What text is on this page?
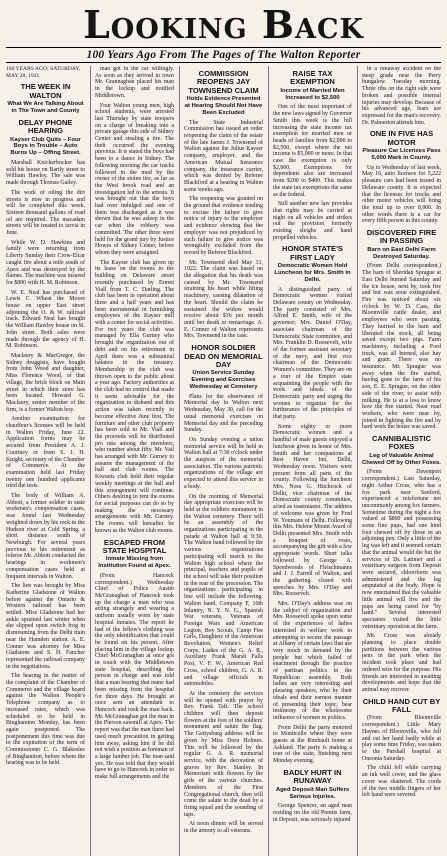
Looking Back
100 Years Ago From The Pages of The Walton Reporter
100 YEARS AGO; SATURDAY, MAY 28, 1921
THE WEEK IN WALTON
What We Are Talking About in The Town and County
DELAY PHONE HEARING
Kayser Club Quits – Four Boys in Trouble – Auto Burns Up – Offing Street.

Marshall Knickerbocker has sold his house on Bartly street to William Hawley. The sale was made through Thomas Gailey.

The work of oiling the dirt streets is now in progress and will be completed this week. Sixteen thousand gallons of road oil are required. The macadam streets will be treated to tarvia in June.

While W. D. Hawkins and family were returning from Liberty Sunday their Crow-Elcar caught fire about a mile south of Apex and was destroyed by the flames. The machine was insured for $800 with H. M. Robinson.

W. E. Neal has purchased of Lewis C. Wheat the Moore house on upper East street adjoining the O. & W. railroad track. Edward Neal has bought the William Hawley house on St. John street. Both sales were made through the agency of H. M. Robinson.

Maclaury & MacGregor, the Sidney druggists, have bought from John Wood and daughter, Miss Florence Wood, of that village, the brick block on Main street in which their store has been located. Howard G. Maclaury, senior member of the firm, is a former Walton boy.

Another examination for chauffeur's licenses will be held in Walton Friday, June 22. Application forms may be secured from President A. J. Courtney or from S. J. H. Knight, secretary of the Chamber of Commerce. At the examination held last Friday twenty one hundred applicants tried the tests.

The body of William A. Abbott, a former soldier in state workmen's compensation cases, was found last Wednesday weighted down by his rock in the Hudson river at Cold Spring, a short distance south of Newburgh. For several years previous to his retirement as referee Mr. Abbott conducted the hearings in workmen's compensation cases held at frequent intervals in Walton.

The lien was brought by Miss Katherine Gladstone of Walton before against the Ontario & Western railroad has been settled. Miss Gladstone had her ankle sprained last winter when she slipped upon switch frog in dismounting from the Delhi train near the Hamden station. A. E. Conner was attorney for Miss Gladstone and S. H. Fancher represented the railroad company in the negotiations.

The hearing in the matter of the complaint of the Chamber of Commerce and the village board against the Walton People's Telephone company as to increased rates, which was scheduled to be held in Binghamton Monday, has been again postponed. The postponement this time was due to the expiration of the term of Commissioner C. G. Blakeslee of Binghamton, before whom the hearing was to be held.

man got in the car willingly. As soon as they arrived in town Mr. Grannaghan placed his man in the lockup and notified Middletown.

Four Walton young men, high school students, were arrested last Thursday by state troopers on a charge of breaking into a private garage this side of Sidney Center and stealing a tire. The theft occurred the evening previous. It is stated the boys had been to a dance in Sidney. The following morning the car tracks followed in the mud by the owner of the stolen tire, as far as the West brook road and an investigation led to the arrests. It was brought out that the boys had over indulged and one of them was discharged as it was shown that he was asleep in the car when the robbery was committed. The other three were held for the grand jury by Justice Howes of Sidney Center, before whom they were arraigned.

The Kayser club has given up its lease on the rooms in the building on Delaware street recently purchased by Ernest Viall from T. C. Darling. The club has been in operation about three and a half years and has been instrumental in furnishing employees of the Kayser mill with a center for social activities. For two years the club was managed by Ella Gurney who brought the organization out of debt and on his retirement in April there was a substantial balance in the treasury. Membership in the club was thrown open to the public about a year ago. Factory authorities at the club had no control that made it seem advisable for the organization to disband and this action was taken recently to become effective June first. The furniture and other club property has been sold to Mr. Viall and the proceeds will be distributed pro rata among the members, who number about fifty. Mr. Vail has arranged with Mr. Gurney to assume the management of the hall and club rooms. The Kiwanis club hold their regular weekly meetings at the hall and this arrangement will continue. Others desiring to rent the rooms for social purposes can do so by making the necessary arrangements with Mr. Gurney. The rooms will hereafter be known as the Walton club rooms.

ESCAPED FROM STATE HOSPITAL
Inmate Missing from Institution Found at Apex.

(From Hancock correspondent.) Wednesday Chief of Police Austin McGranaghan of Hancock took up the charge a man who was acting strangely and wearing a uniform usually worn by state hospital inmates. The report he had of the fellow's clothing was the only identification that could be found on his person. After placing him in the village lockup Chief McGranaghan at once got in touch with the Middletown state hospital, describing the person in charge and was told that a man bearing that name had been missing from the hospital for three days. He brought at once sent an attendant to Hancock and took the man back. Mr. McGranaghan got the man in the Pierson sawmill at Apex. The report was that the man there had used much precaution in getting him away, asking him if he did not wish a position as foreman of a large lumber job. The man said yes. He was told that they would have to go to Hancock in order to make full arrangements and the

COMMISSION REOPENS JAY TOWNSEND CLAIM
Holds Evidence Presented at Hearing Should Not Have Been Excluded

The State Industrial Commission has issued an order reopening the claim of the estate of the late James J. Townsend of Walton against the Julius Kayser company, employer, and the American Mutual Insurance company, the insurance carrier, which was denied by Referee Blackford at a hearing in Walton some weeks ago.

The reopening was granted on the ground that evidence tending to excuse the failure to give notice of injury to the employer and evidence showing that the employer was not prejudiced by such failure to give notice was wrongfully excluded from the record by Referee Blackford.

Mr. Townsend died May 31, 1922. The claim was based on the allegation that his death was caused by Mr. Townsend straining his heart while lifting machinery, causing dilatation of the heart. Should the claim be sustained the widow would receive about $36 per month until her death or remarriage. A. E. Conner of Walton represents Mrs. Townsend in the case.

HONOR SOLDIER DEAD ON MEMORIAL DAY
Union Service Sunday Evening and Exercises Wednesday at Cemetery

Plans for the observance of Memorial day in Walton next Wednesday, May 30, call for the usual memorial exercises on Memorial day and the preceding Sunday.

On Sunday evening a union memorial service will be held in Walton hall at 7:30 o'clock under the auspices of the memorial association. The various patriotic organizations of the village are expected to attend this service in a body.

On the morning of Memorial day appropriate exercises will be held at the soldiers monument in the Walton cemetery. There will be an assembly of the organizations participating in the parade at Walton hall at 9:30. The Walton band followed by the various organizations participating will march to the Walton high school where the principal, teachers and pupils of the school will take their position in the rear of the procession. The organizations participating in line will include the following: Walton band, Company F, 10th Infantry, N. Y. N. G., Spanish War veterans, Veterans of Foreign Wars and American Legion, Boy Scouts, Camp Fire Girls, Daughters of the American Revolution, Women's Relief Corps, Ladies of the G. A. R., Auxiliary Frank Marsh Falls Post, V. F. W., American Red Cross, school children, G. A. R. and village officials in automobiles.

At the cemetery the services will be opened with prayer by Rev. Frank Taft. The school children will then deposit flowers at the foot of the soldiers' monument and salute the flag. The Gettysburg address will be given by Miss Dora Holmes. This will be followed by the regular G. A. R. memorial service, with the decoration of graves by Rev. Stanley. In Memoriam with flowers by the girls of the various churches. Members of the First Congregational church, then will come the salute to the dead by a firing squad and the sounding of taps.

At noon dinner will be served in the armory to all veterans.

RAISE TAX EXEMPTION
Income of Married Men Increased to $2,500

One of the most important of the new laws signed by Governor Smith this week is the bill increasing the state income tax exemption for married men or heads of families from $2,000 to $2,500, except where the net income is $5,000 or more. In that case the exemption is only $2,000. Exemptions for dependents also are increased from $200 to $400. This makes the state tax exemptions the same as the federal.

Still another new law provides that rights may be carried at night on all vehicles and strikes out the provision formerly existing sleighs and hand propelled vehicles.

HONOR STATE'S FIRST LADY
Democratic Women Hold Luncheon for Mrs. Smith in Delhi.

A distinguished party of Democratic women visited Delaware county on Wednesday. The party consisted of Mrs. Alfred E. Smith, wife of the governor; Mrs. Daniel O'Day, associate chairman of the Democratic State committee, and Mrs. Franklin D. Roosevelt, wife of the former assistant secretary of the navy, and first vice chairman of the Democratic Women's committee. They are on a tour of the Empire state acquainting the people with the work and ideals of the Democratic party and urging the women to organize for the furtherance of the principles of that party.

Some eighty or more Democratic women and a handful of male guests enjoyed a luncheon given in honor of Mrs. Smith and her companions at Rest Haven Inn, Delhi, Wednesday noon. Visitors were present from all parts of the county. Following the luncheon Mrs. Nora G. Hitchcock of Delhi, vice chairman of the Democratic county committee, acted as toastmaster. The address of welcome was given by Fred W. Youmans of Delhi. Following this Mrs. Helene Mount Avard of Delhi presented Mrs. Smith with a bouquet of roses, accompanying the gift with a few appropriate words. Short talks followed by George A. Speedwoods of Fleischmanns and J. J. Farrell of Walton, and the gathering closed with speeches by Mrs. O'Day and Mrs. Roosevelt.

Mrs. O'Day's address was on the subject of organization and Mrs. Roosevelt spoke upon some of the experiences of ladies interested in welfare work in attempting to secure the passage at Albany of certain laws that are very much in demand by the people but which failed of enactment through the practice of partisan politics in the Republican assembly. Both ladies are very interesting and pleasing speakers, who by their ideals and their earnest manner of presenting their topic, bear testimony of the wholesome influence of women in politics.

From Delhi the party motored to Monticello where they were guests at the Rimbault home at Ashland. The party is making a tour of the state, finishing next Monday evening.

BADLY HURT IN RUNAWAY
Aged Deposit Man Suffers Serious Injuries.

George Spencer, an aged man residing on the old Prentis farm, in Deposit, was seriously injured

in a runaway accident on the steep grade near the Perry bungalow Tuesday morning. Three ribs on the right side were broken and possible internal injuries may develop. Because of his advanced age, fears are expressed for the man's recovery. Dr. Palmerton attends him.

ONE IN FIVE HAS MOTOR
Pleasure Car Licenses Pass 5,000 Mark in County.

Up to Wednesday of last week, May 16, auto licenses for 5,222 pleasure cars had been issued in Delaware county. It is expected that the licenses for trucks and other motor vehicles will bring the total up to over 8,000. In other words there is a car for every fifth person in this county.

DISCOVERED FIRE IN PASSING
Barn on East Delhi Farm Destroyed Saturday.

(From Delhi correspondent.) The barn of Sheridan Sprague at East Delhi burned Saturday and the ice house, next by, took fire and but was soon extinguished. Fire was noticed about six o'clock by W. D. Cass, the Bloomville cattle dealer, and employees who were passing. They hurried to the barn and liberated the stock, all being saved except two pigs. Farm machinery, including a Ford truck, was all burned, also hay and grain. There was no insurance. Mr. Sprague was away when the fire started, having gone to the farm of his son, E. E. Sprague, on the other side of the river, to assist with milking. He is at a loss to know how the fire started. Near road workers, who were near by, joined in fighting the fire and by hard work the house was saved.

CANNIBALISTIC FOXES
Leg of Valuable Animal Chewed Off by Other Foxes.

(From Davenport correspondent.) Last Saturday, night Arthur Cross, who has a fox park near Sanford, experienced a misfortune not uncommonly among fox farmers. Sometime during the night a fox valued at $800 and possessing some fine pups, had one hind foot chewed off by those in an adjoining pen. Only a little of the leg was left and it seemed certain that the animal would die but the services of Dr. Latimer and a veterinary surgeon from Deposit were secured, chloroform was administered and the leg amputated at the body. Hope is now entertained that the valuable little animal will live and the pups are being cared for "by hand." Several interested spectators visited the little veterinary operation at the farm.

Mr. Cross was already planning to place double partitions between the various pens in the park when the incident took place and had ordered wire for the purpose. His friends are interested in awaiting developments and hope that the animal may recover.

CHILD HAND CUT BY FALL

(From Bloomville correspondent.) Little Mary Haynes of Bloomville, who fell and cut her hand badly while at play some time Friday, was taken to the Parshall hospital at Oneonta Saturday.

The child fell while carrying an ink well cover, and the glass cover was shattered. The cords of the two middle fingers of her left hand were severed.
